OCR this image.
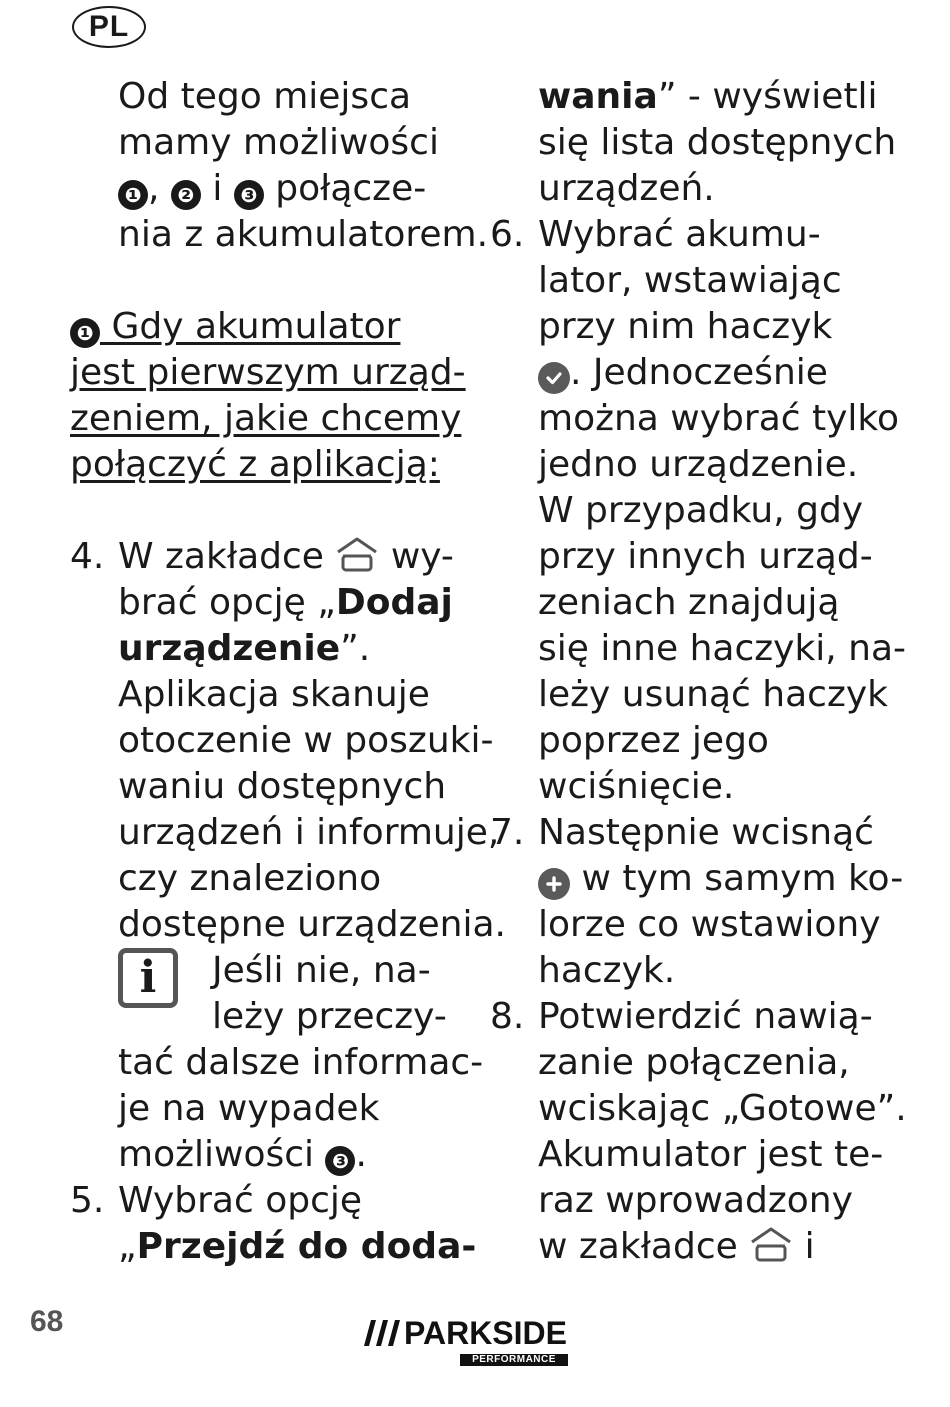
PL
Od tego miejsca
mamy możliwości
❶ , ❷ i ❸ połącze-
nia z akumulatorem.
❶ Gdy akumulator
jest pierwszym urząd-
zeniem, jakie chcemy
połączyć z aplikacją:
4. W zakładce  wy-
brać opcję „Dodaj
urządzenie”.
Aplikacja skanuje
otoczenie w poszuki-
waniu dostępnych
urządzeń i informuje,
czy znaleziono
dostępne urządzenia.
i	Jeśli nie, na-
leży przeczy-
tać dalsze informac-
je na wypadek
możliwości ❸ .
5. Wybrać opcję
„Przejdź do doda-
wania” - wyświetli
się lista dostępnych
urządzeń.
6. Wybrać akumu-
lator, wstawiając
przy nim haczyk
. Jednocześnie
można wybrać tylko
jedno urządzenie.
W przypadku, gdy
przy innych urząd-
zeniach znajdują
się inne haczyki, na-
leży usunąć haczyk
poprzez jego
wciśnięcie.
7. Następnie wcisnąć
w tym samym ko-
lorze co wstawiony
haczyk.
8. Potwierdzić nawią-
zanie połączenia,
wciskając „Gotowe”.
Akumulator jest te-
raz wprowadzony
w zakładce  i
68	PARKSIDE
PERFORMANCE
